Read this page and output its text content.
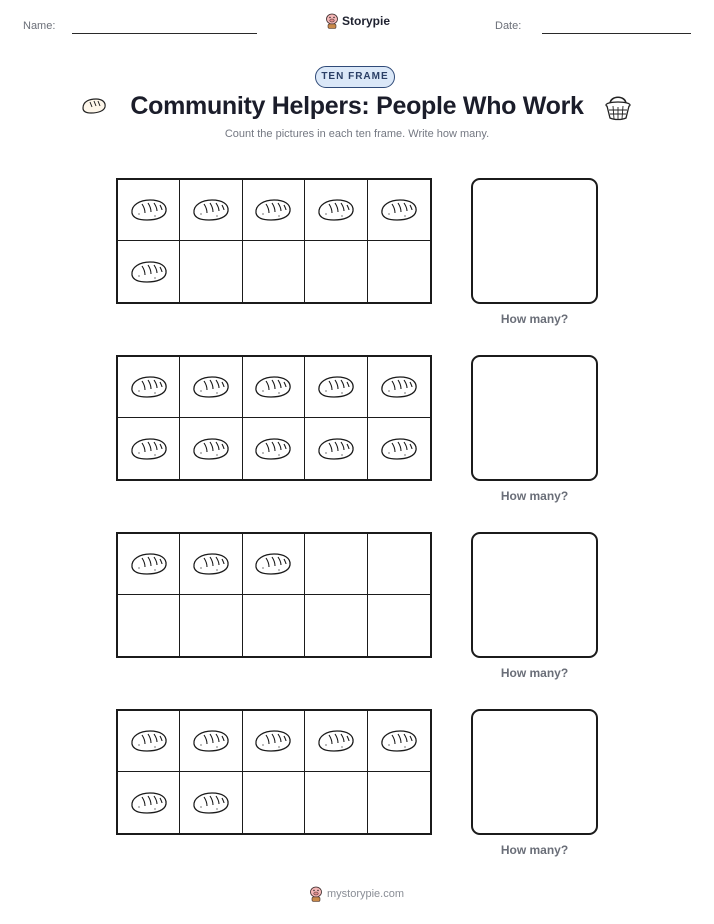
Name:	Storypie	Date:
TEN FRAME
Community Helpers: People Who Work
Count the pictures in each ten frame. Write how many.
How many?
How many?
How many?
How many?
mystorypie.com
